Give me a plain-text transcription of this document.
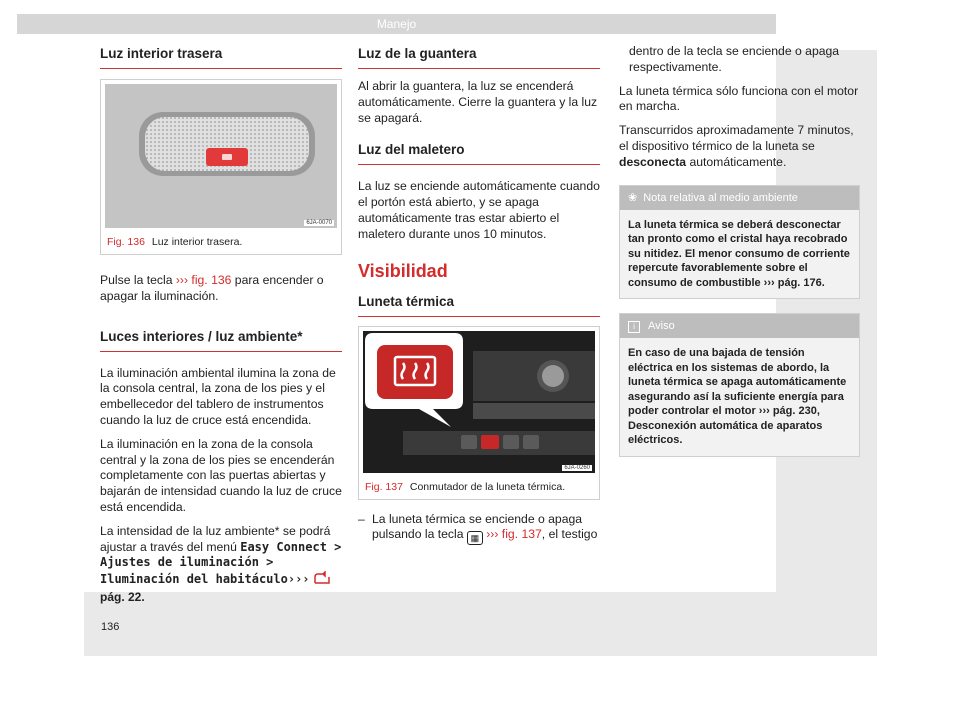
Manejo
Luz interior trasera
6JA-0070
Fig. 136 Luz interior trasera.

Pulse la tecla ››› fig. 136 para encender o apagar la iluminación.

Luces interiores / luz ambiente*

La iluminación ambiental ilumina la zona de la consola central, la zona de los pies y el embellecedor del tablero de instrumentos cuando la luz de cruce está encendida.

La iluminación en la zona de la consola central y la zona de los pies se encenderán completamente con las puertas abiertas y bajarán de intensidad cuando la luz de cruce está encendida.

La intensidad de la luz ambiente* se podrá ajustar a través del menú Easy Connect > Ajustes de iluminación > Iluminación del habitáculo›››  pág. 22.

Luz de la guantera

Al abrir la guantera, la luz se encenderá automáticamente. Cierre la guantera y la luz se apagará.

Luz del maletero

La luz se enciende automáticamente cuando el portón está abierto, y se apaga automáticamente tras estar abierto el maletero durante unos 10 minutos.

Visibilidad
Luneta térmica
6JA-0260
Fig. 137 Conmutador de la luneta térmica.

– La luneta térmica se enciende o apaga pulsando la tecla ▦ ››› fig. 137, el testigo

dentro de la tecla se enciende o apaga respectivamente.

La luneta térmica sólo funciona con el motor en marcha.

Transcurridos aproximadamente 7 minutos, el dispositivo térmico de la luneta se desconecta automáticamente.

❀ Nota relativa al medio ambiente
La luneta térmica se deberá desconectar tan pronto como el cristal haya recobrado su nitidez. El menor consumo de corriente repercute favorablemente sobre el consumo de combustible ››› pág. 176.
i Aviso
En caso de una bajada de tensión eléctrica en los sistemas de abordo, la luneta térmica se apaga automáticamente asegurando así la suficiente energía para poder controlar el motor ››› pág. 230, Desconexión automática de aparatos eléctricos.
136
